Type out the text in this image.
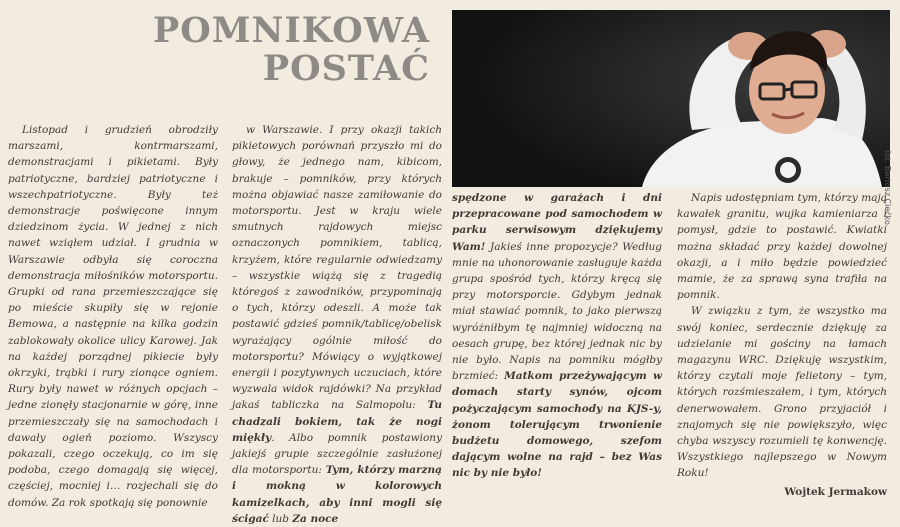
POMNIKOWA
POSTAĆ
fot. Bartosz Ciećko

Listopad i grudzień obrodziły marszami, kontrmarszami, demonstracjami i pikietami. Były patriotyczne, bardziej patriotyczne i wszechpatriotyczne. Były też demonstracje poświęcone innym dziedzinom życia. W jednej z nich nawet wziąłem udział. I grudnia w Warszawie odbyła się coroczna demonstracja miłośników motorsportu. Grupki od rana przemieszczające się po mieście skupiły się w rejonie Bemowa, a następnie na kilka godzin zablokowały okolice ulicy Karowej. Jak na każdej porządnej pikiecie były okrzyki, trąbki i rury zionące ogniem. Rury były nawet w różnych opcjach – jedne zionęły stacjonarnie w górę, inne przemieszczały się na samochodach i dawały ogień poziomo. Wszyscy pokazali, czego oczekują, co im się podoba, czego domagają się więcej, częściej, mocniej i… rozjechali się do domów. Za rok spotkają się ponownie

w Warszawie. I przy okazji takich pikietowych porównań przyszło mi do głowy, że jednego nam, kibicom, brakuje – pomników, przy których można objawiać nasze zamiłowanie do motorsportu. Jest w kraju wiele smutnych rajdowych miejsc oznaczonych pomnikiem, tablicą, krzyżem, które regularnie odwiedzamy – wszystkie wiążą się z tragedią któregoś z zawodników, przypominają o tych, którzy odeszli. A może tak postawić gdzieś pomnik/tablicę/obelisk wyrażający ogólnie miłość do motorsportu? Mówiący o wyjątkowej energii i pozytywnych uczuciach, które wyzwala widok rajdówki? Na przykład jakaś tabliczka na Salmopolu: Tu chadzali bokiem, tak że nogi miękły. Albo pomnik postawiony jakiejś grupie szczególnie zasłużonej dla motorsportu: Tym, którzy marzną i mokną w kolorowych kamizelkach, aby inni mogli się ścigać lub Za noce

spędzone w garażach i dni przepracowane pod samochodem w parku serwisowym dziękujemy Wam! Jakieś inne propozycje? Według mnie na uhonorowanie zasługuje każda grupa spośród tych, którzy kręcą się przy motorsporcie. Gdybym jednak miał stawiać pomnik, to jako pierwszą wyróżniłbym tę najmniej widoczną na oesach grupę, bez której jednak nic by nie było. Napis na pomniku mógłby brzmieć: Matkom przeżywającym w domach starty synów, ojcom pożyczającym samochody na KJS-y, żonom tolerującym trwonienie budżetu domowego, szefom dającym wolne na rajd – bez Was nic by nie było!

Napis udostępniam tym, którzy mają kawałek granitu, wujka kamieniarza i pomysł, gdzie to postawić. Kwiatki można składać przy każdej dowolnej okazji, a i miło będzie powiedzieć mamie, że za sprawą syna trafiła na pomnik.

W związku z tym, że wszystko ma swój koniec, serdecznie dziękuję za udzielanie mi gościny na łamach magazynu WRC. Dziękuję wszystkim, którzy czytali moje felietony – tym, których rozśmieszałem, i tym, których denerwowałem. Grono przyjaciół i znajomych się nie powiększyło, więc chyba wszyscy rozumieli tę konwencję. Wszystkiego najlepszego w Nowym Roku!

Wojtek Jermakow
